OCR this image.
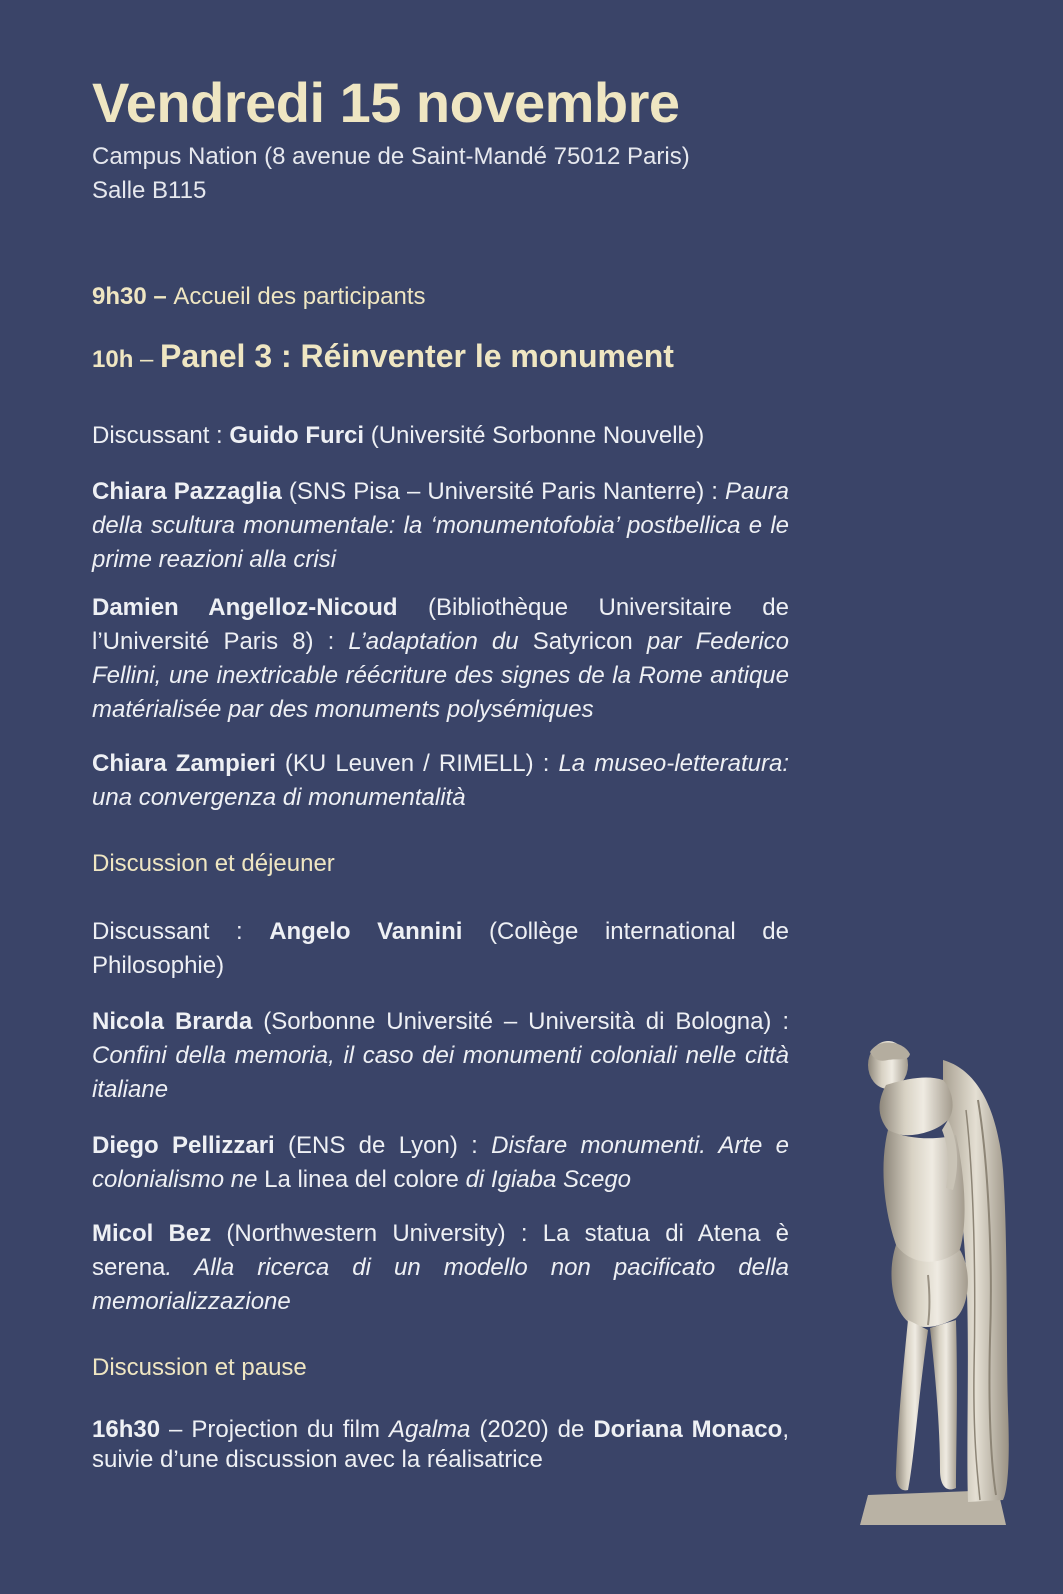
Vendredi 15 novembre
Campus Nation (8 avenue de Saint-Mandé 75012 Paris)
Salle B115
9h30 – Accueil des participants
10h – Panel 3 : Réinventer le monument

Discussant : Guido Furci (Université Sorbonne Nouvelle)

Chiara Pazzaglia (SNS Pisa – Université Paris Nanterre) : Paura della scultura monumentale: la ‘monumentofobia’ postbellica e le prime reazioni alla crisi

Damien Angelloz-Nicoud (Bibliothèque Universitaire de l’Université Paris 8) : L’adaptation du Satyricon par Federico Fellini, une inextricable réécriture des signes de la Rome antique matérialisée par des monuments polysémiques

Chiara Zampieri (KU Leuven / RIMELL) : La museo-letteratura: una convergenza di monumentalità

Discussion et déjeuner

Discussant : Angelo Vannini (Collège international de Philosophie)

Nicola Brarda (Sorbonne Université – Università di Bologna) : Confini della memoria, il caso dei monumenti coloniali nelle città italiane

Diego Pellizzari (ENS de Lyon) : Disfare monumenti. Arte e colonialismo ne La linea del colore di Igiaba Scego

Micol Bez (Northwestern University) : La statua di Atena è serena. Alla ricerca di un modello non pacificato della memorializzazione

Discussion et pause

16h30 – Projection du film Agalma (2020) de Doriana Monaco, suivie d’une discussion avec la réalisatrice
